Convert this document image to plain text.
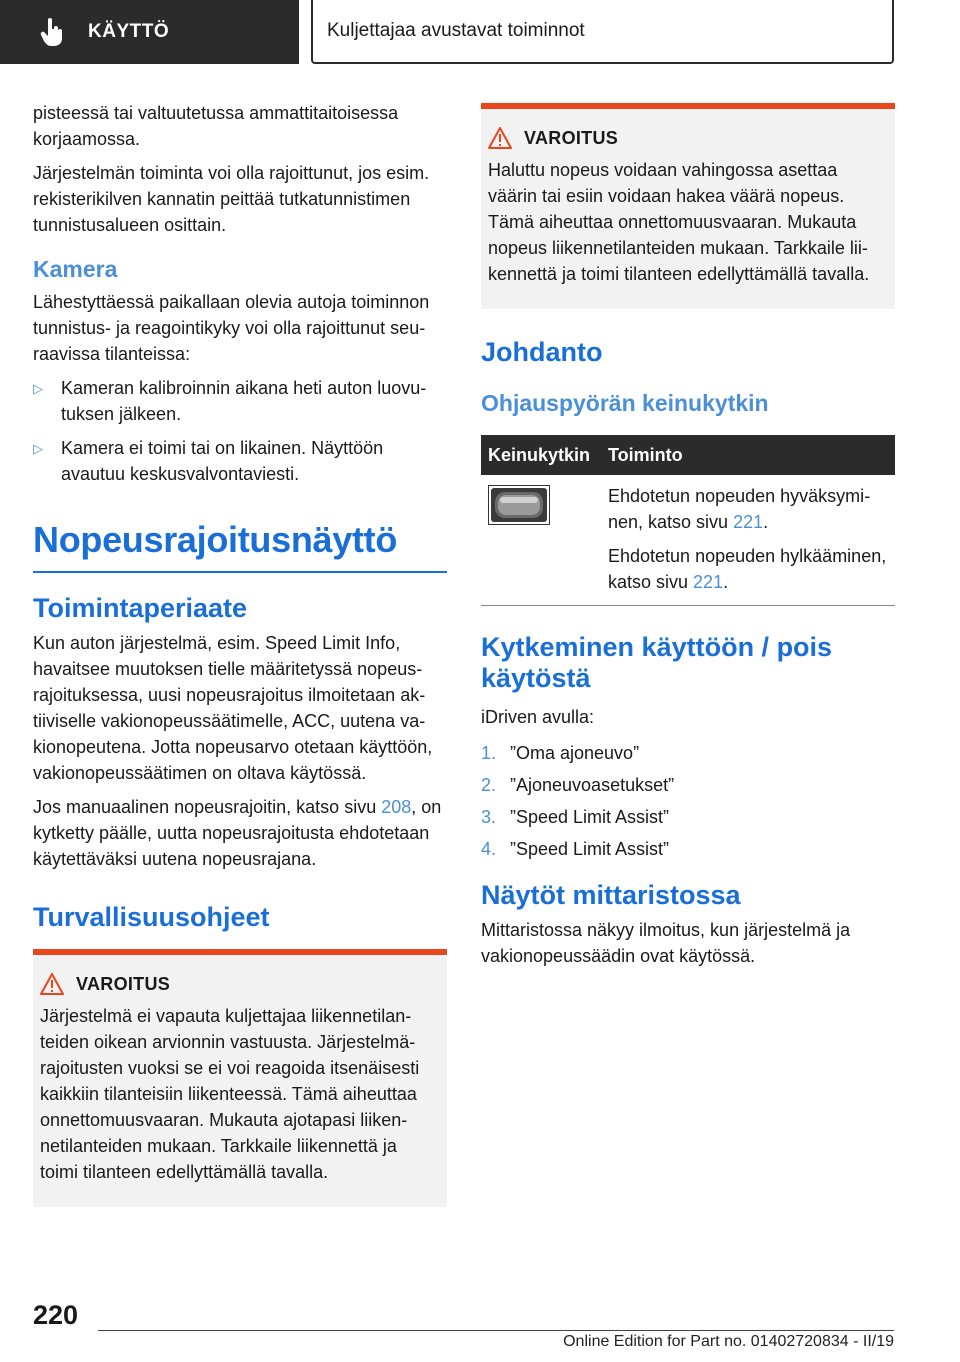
KÄYTTÖ	Kuljettajaa avustavat toiminnot

pisteessä tai valtuutetussa ammattitaitoisessa korjaamossa.

Järjestelmän toiminta voi olla rajoittunut, jos esim. rekisterikilven kannatin peittää tutkatunnistimen tunnistusalueen osittain.

Kamera

Lähestyttäessä paikallaan olevia autoja toiminnon tunnistus- ja reagointikyky voi olla rajoittunut seuraavissa tilanteissa:

▷	Kameran kalibroinnin aikana heti auton luovutuksen jälkeen.
▷	Kamera ei toimi tai on likainen. Näyttöön avautuu keskusvalvontaviesti.
Nopeusrajoitusnäyttö
Toimintaperiaate

Kun auton järjestelmä, esim. Speed Limit Info, havaitsee muutoksen tielle määritetyssä nopeusrajoituksessa, uusi nopeusrajoitus ilmoitetaan aktiiviselle vakionopeussäätimelle, ACC, uutena vakionopeutena. Jotta nopeusarvo otetaan käyttöön, vakionopeussäätimen on oltava käytössä.

Jos manuaalinen nopeusrajoitin, katso sivu 208, on kytketty päälle, uutta nopeusrajoitusta ehdotetaan käytettäväksi uutena nopeusrajana.

Turvallisuusohjeet
VAROITUS

Järjestelmä ei vapauta kuljettajaa liikennetilanteiden oikean arvionnin vastuusta. Järjestelmärajoitusten vuoksi se ei voi reagoida itsenäisesti kaikkiin tilanteisiin liikenteessä. Tämä aiheuttaa onnettomuusvaaran. Mukauta ajotapasi liikennetilanteiden mukaan. Tarkkaile liikennettä ja toimi tilanteen edellyttämällä tavalla.

VAROITUS

Haluttu nopeus voidaan vahingossa asettaa väärin tai esiin voidaan hakea väärä nopeus. Tämä aiheuttaa onnettomuusvaaran. Mukauta nopeus liikennetilanteiden mukaan. Tarkkaile liikennettä ja toimi tilanteen edellyttämällä tavalla.

Johdanto
Ohjauspyörän keinukytkin
Keinukytkin	Toiminto

Ehdotetun nopeuden hyväksyminen, katso sivu 221.

Ehdotetun nopeuden hylkääminen, katso sivu 221.

Kytkeminen käyttöön / pois käytöstä

iDriven avulla:

1. ”Oma ajoneuvo”
2. ”Ajoneuvoasetukset”
3. ”Speed Limit Assist”
4. ”Speed Limit Assist”
Näytöt mittaristossa

Mittaristossa näkyy ilmoitus, kun järjestelmä ja vakionopeussäädin ovat käytössä.

220
Online Edition for Part no. 01402720834 - II/19
